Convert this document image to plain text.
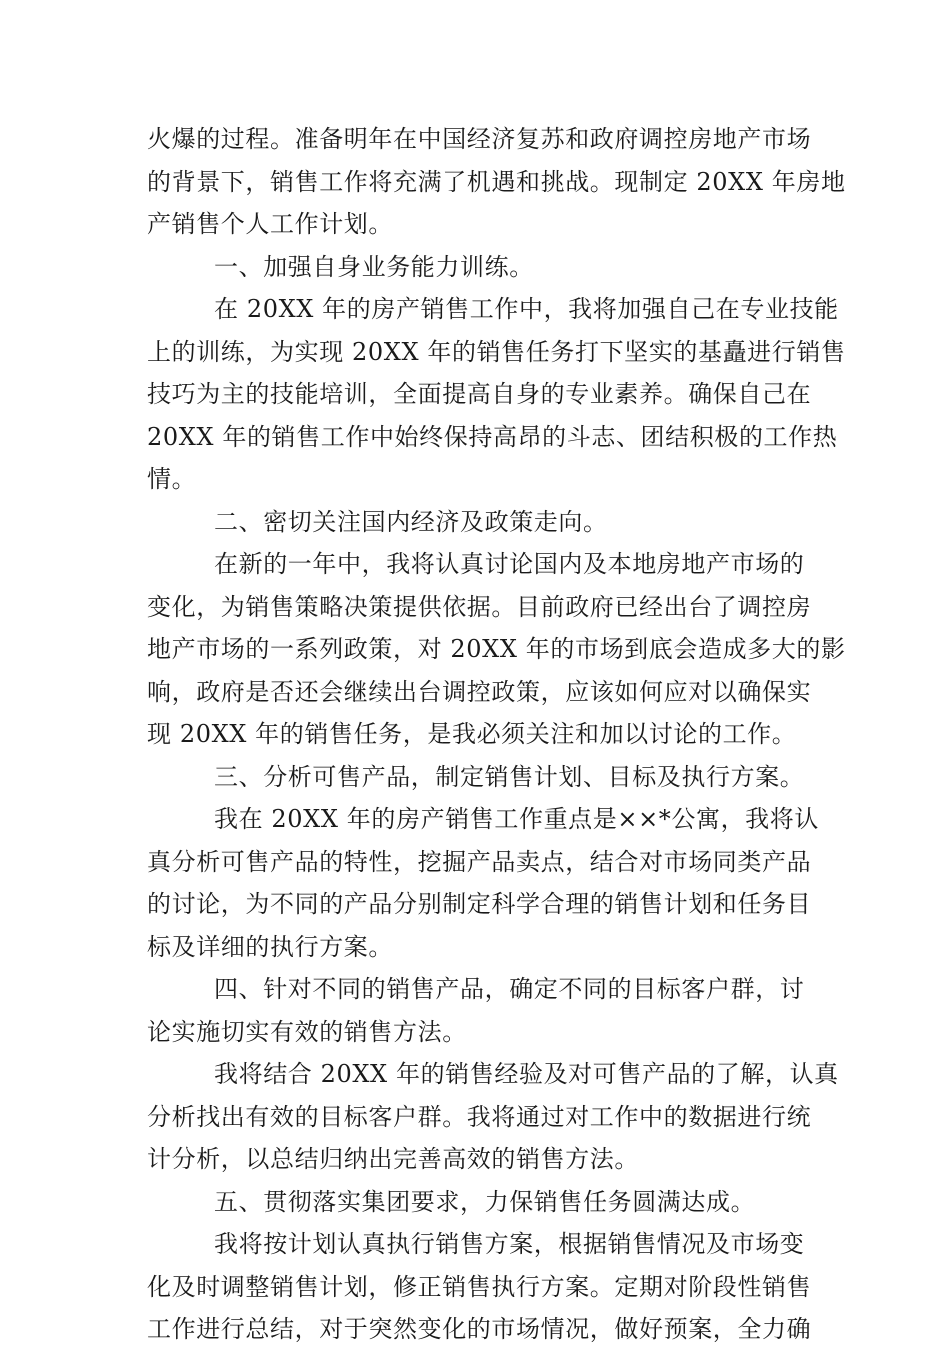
火爆的过程。准备明年在中国经济复苏和政府调控房地产市场
的背景下，销售工作将充满了机遇和挑战。现制定 20XX 年房地
产销售个人工作计划。
一、加强自身业务能力训练。
在 20XX 年的房产销售工作中，我将加强自己在专业技能
上的训练，为实现 20XX 年的销售任务打下坚实的基矗进行销售
技巧为主的技能培训，全面提高自身的专业素养。确保自己在
20XX 年的销售工作中始终保持高昂的斗志、团结积极的工作热
情。
二、密切关注国内经济及政策走向。
在新的一年中，我将认真讨论国内及本地房地产市场的
变化，为销售策略决策提供依据。目前政府已经出台了调控房
地产市场的一系列政策，对 20XX 年的市场到底会造成多大的影
响，政府是否还会继续出台调控政策，应该如何应对以确保实
现 20XX 年的销售任务，是我必须关注和加以讨论的工作。
三、分析可售产品，制定销售计划、目标及执行方案。
我在 20XX 年的房产销售工作重点是××*公寓，我将认
真分析可售产品的特性，挖掘产品卖点，结合对市场同类产品
的讨论，为不同的产品分别制定科学合理的销售计划和任务目
标及详细的执行方案。
四、针对不同的销售产品，确定不同的目标客户群，讨
论实施切实有效的销售方法。
我将结合 20XX 年的销售经验及对可售产品的了解，认真
分析找出有效的目标客户群。我将通过对工作中的数据进行统
计分析，以总结归纳出完善高效的销售方法。
五、贯彻落实集团要求，力保销售任务圆满达成。
我将按计划认真执行销售方案，根据销售情况及市场变
化及时调整销售计划，修正销售执行方案。定期对阶段性销售
工作进行总结，对于突然变化的市场情况，做好预案，全力确
